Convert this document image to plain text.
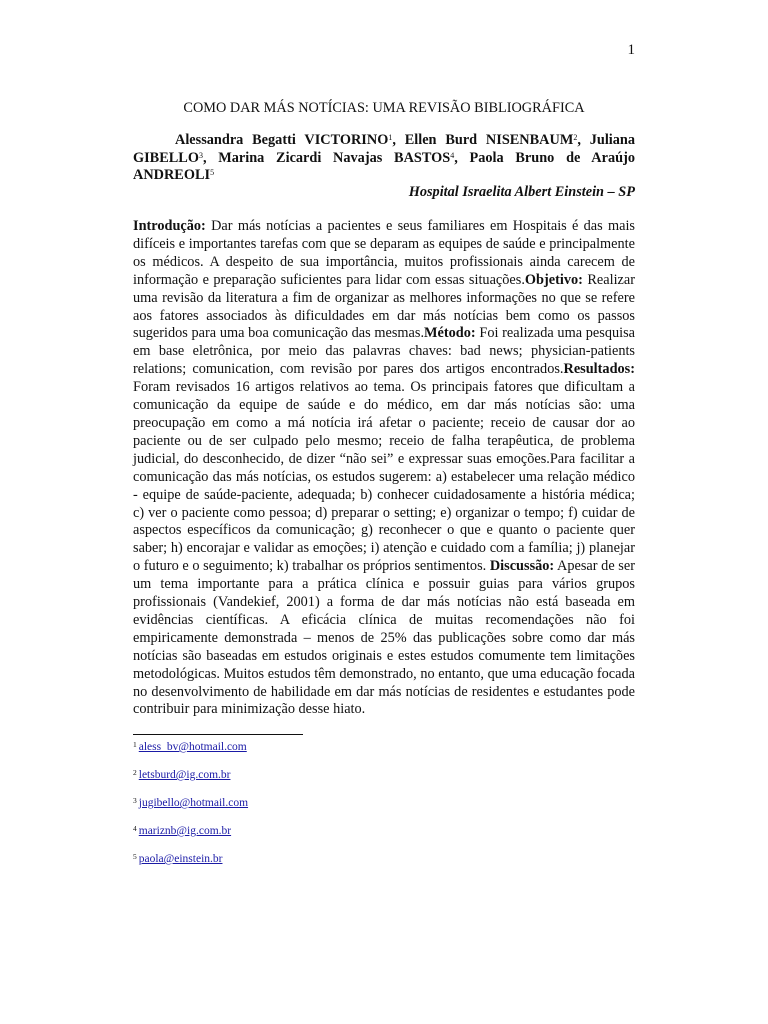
1
COMO DAR MÁS NOTÍCIAS: UMA REVISÃO BIBLIOGRÁFICA
Alessandra Begatti VICTORINO$^1$, Ellen Burd NISENBAUM$^2$, Juliana GIBELLO$^3$, Marina Zicardi Navajas BASTOS$^4$, Paola Bruno de Araújo ANDREOLI$^5$
Hospital Israelita Albert Einstein – SP
Introdução: Dar más notícias a pacientes e seus familiares em Hospitais é das mais difíceis e importantes tarefas com que se deparam as equipes de saúde e principalmente os médicos. A despeito de sua importância, muitos profissionais ainda carecem de informação e preparação suficientes para lidar com essas situações.Objetivo: Realizar uma revisão da literatura a fim de organizar as melhores informações no que se refere aos fatores associados às dificuldades em dar más notícias bem como os passos sugeridos para uma boa comunicação das mesmas.Método: Foi realizada uma pesquisa em base eletrônica, por meio das palavras chaves: bad news; physician-patients relations; comunication, com revisão por pares dos artigos encontrados.Resultados: Foram revisados 16 artigos relativos ao tema. Os principais fatores que dificultam a comunicação da equipe de saúde e do médico, em dar más notícias são: uma preocupação em como a má notícia irá afetar o paciente; receio de causar dor ao paciente ou de ser culpado pelo mesmo; receio de falha terapêutica, de problema judicial, do desconhecido, de dizer “não sei” e expressar suas emoções.Para facilitar a comunicação das más notícias, os estudos sugerem: a) estabelecer uma relação médico - equipe de saúde-paciente, adequada; b) conhecer cuidadosamente a história médica; c) ver o paciente como pessoa; d) preparar o setting; e) organizar o tempo; f) cuidar de aspectos específicos da comunicação; g) reconhecer o que e quanto o paciente quer saber; h) encorajar e validar as emoções; i) atenção e cuidado com a família; j) planejar o futuro e o seguimento; k) trabalhar os próprios sentimentos. Discussão: Apesar de ser um tema importante para a prática clínica e possuir guias para vários grupos profissionais (Vandekief, 2001) a forma de dar más notícias não está baseada em evidências científicas. A eficácia clínica de muitas recomendações não foi empiricamente demonstrada – menos de 25% das publicações sobre como dar más notícias são baseadas em estudos originais e estes estudos comumente tem limitações metodológicas. Muitos estudos têm demonstrado, no entanto, que uma educação focada no desenvolvimento de habilidade em dar más notícias de residentes e estudantes pode contribuir para minimização desse hiato.
$^1$ aless_bv@hotmail.com
$^2$ letsburd@ig.com.br
$^3$ jugibello@hotmail.com
$^4$ mariznb@ig.com.br
$^5$ paola@einstein.br
